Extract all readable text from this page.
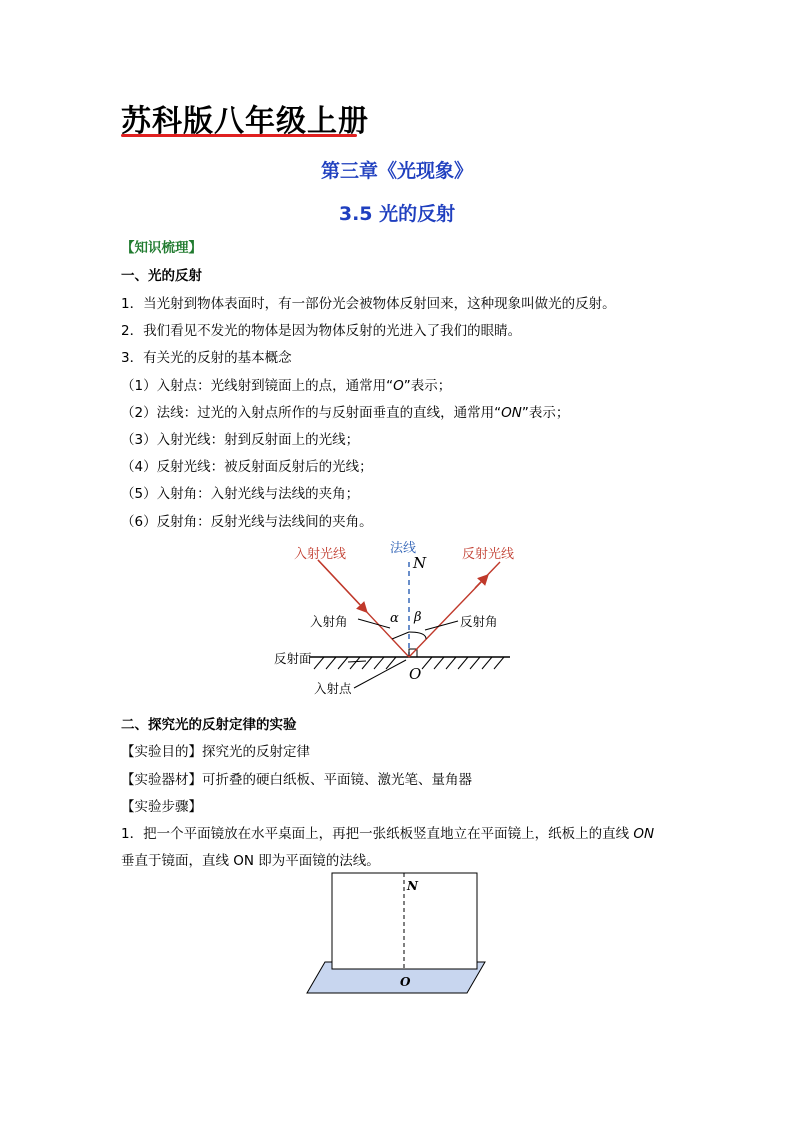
苏科版八年级上册
第三章《光现象》
3.5 光的反射
【知识梳理】
一、光的反射
1．当光射到物体表面时，有一部份光会被物体反射回来，这种现象叫做光的反射。
2．我们看见不发光的物体是因为物体反射的光进入了我们的眼睛。
3．有关光的反射的基本概念
（1）入射点：光线射到镜面上的点，通常用“O”表示；
（2）法线：过光的入射点所作的与反射面垂直的直线，通常用“ON”表示；
（3）入射光线：射到反射面上的光线；
（4）反射光线：被反射面反射后的光线；
（5）入射角：入射光线与法线的夹角；
（6）反射角：反射光线与法线间的夹角。
法线
N
入射光线	反射光线
入射角	反射角
α β
反射面
入射点
O
二、探究光的反射定律的实验
【实验目的】探究光的反射定律
【实验器材】可折叠的硬白纸板、平面镜、激光笔、量角器
【实验步骤】
1．把一个平面镜放在水平桌面上，再把一张纸板竖直地立在平面镜上，纸板上的直线 ON
垂直于镜面，直线 ON 即为平面镜的法线。
N
O
